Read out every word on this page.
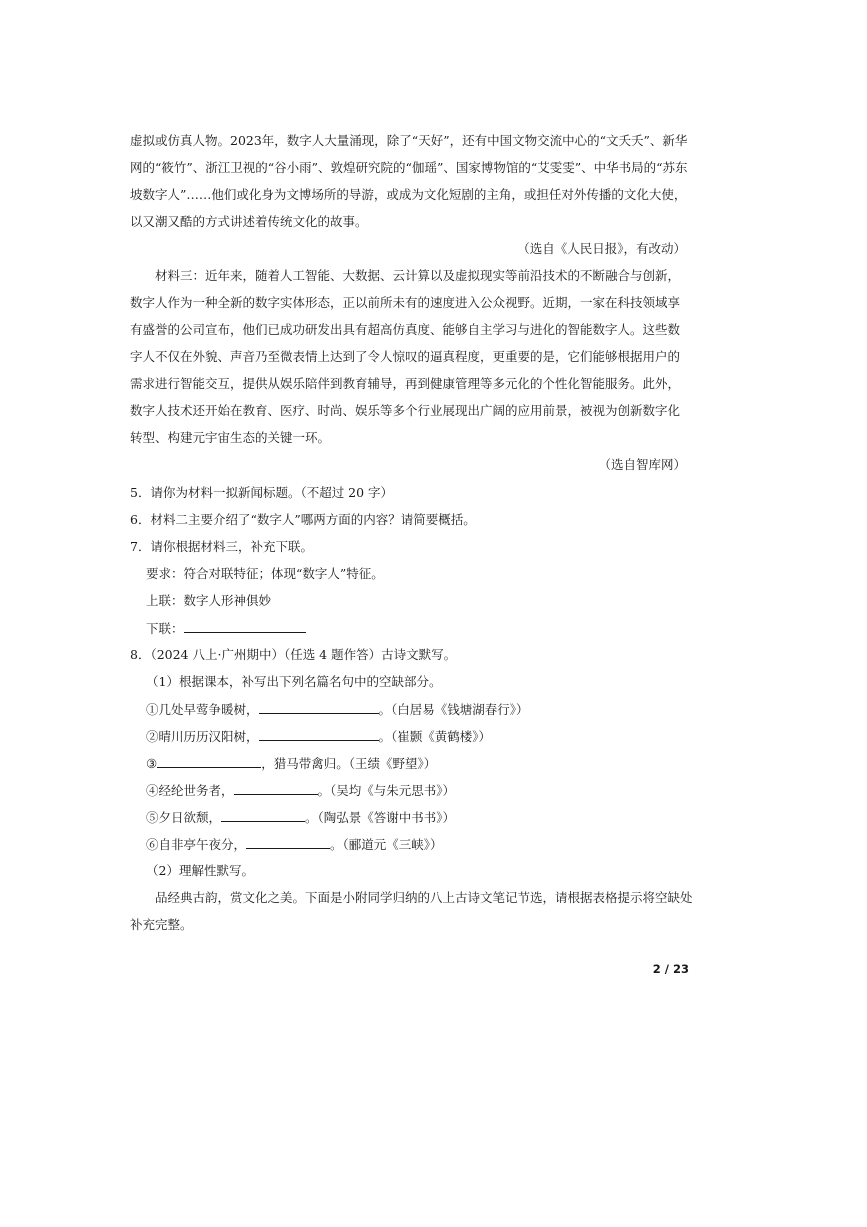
虚拟或仿真人物。2023年，数字人大量涌现，除了“天好”，还有中国文物交流中心的“文夭夭”、新华
网的“筱竹”、浙江卫视的“谷小雨”、敦煌研究院的“伽瑶”、国家博物馆的“艾雯雯”、中华书局的“苏东
坡数字人”……他们或化身为文博场所的导游，或成为文化短剧的主角，或担任对外传播的文化大使，
以又潮又酷的方式讲述着传统文化的故事。
（选自《人民日报》，有改动）
材料三：近年来，随着人工智能、大数据、云计算以及虚拟现实等前沿技术的不断融合与创新，
数字人作为一种全新的数字实体形态，正以前所未有的速度进入公众视野。近期，一家在科技领域享
有盛誉的公司宣布，他们已成功研发出具有超高仿真度、能够自主学习与进化的智能数字人。这些数
字人不仅在外貌、声音乃至微表情上达到了令人惊叹的逼真程度，更重要的是，它们能够根据用户的
需求进行智能交互，提供从娱乐陪伴到教育辅导，再到健康管理等多元化的个性化智能服务。此外，
数字人技术还开始在教育、医疗、时尚、娱乐等多个行业展现出广阔的应用前景，被视为创新数字化
转型、构建元宇宙生态的关键一环。
（选自智库网）
5．请你为材料一拟新闻标题。（不超过 20 字）
6．材料二主要介绍了“数字人”哪两方面的内容？请简要概括。
7．请你根据材料三，补充下联。
要求：符合对联特征；体现“数字人”特征。
上联：数字人形神俱妙
下联：
8．（2024 八上·广州期中）（任选 4 题作答）古诗文默写。
（1）根据课本，补写出下列名篇名句中的空缺部分。
①几处早莺争暖树，	。（白居易《钱塘湖春行》）
②晴川历历汉阳树，	。（崔颢《黄鹤楼》）
③	，猎马带禽归。（王绩《野望》）
④经纶世务者，	。（吴均《与朱元思书》）
⑤夕日欲颓，	。（陶弘景《答谢中书书》）
⑥自非亭午夜分，	。（郦道元《三峡》）
（2）理解性默写。
品经典古韵，赏文化之美。下面是小附同学归纳的八上古诗文笔记节选，请根据表格提示将空缺处
补充完整。
2 / 23
